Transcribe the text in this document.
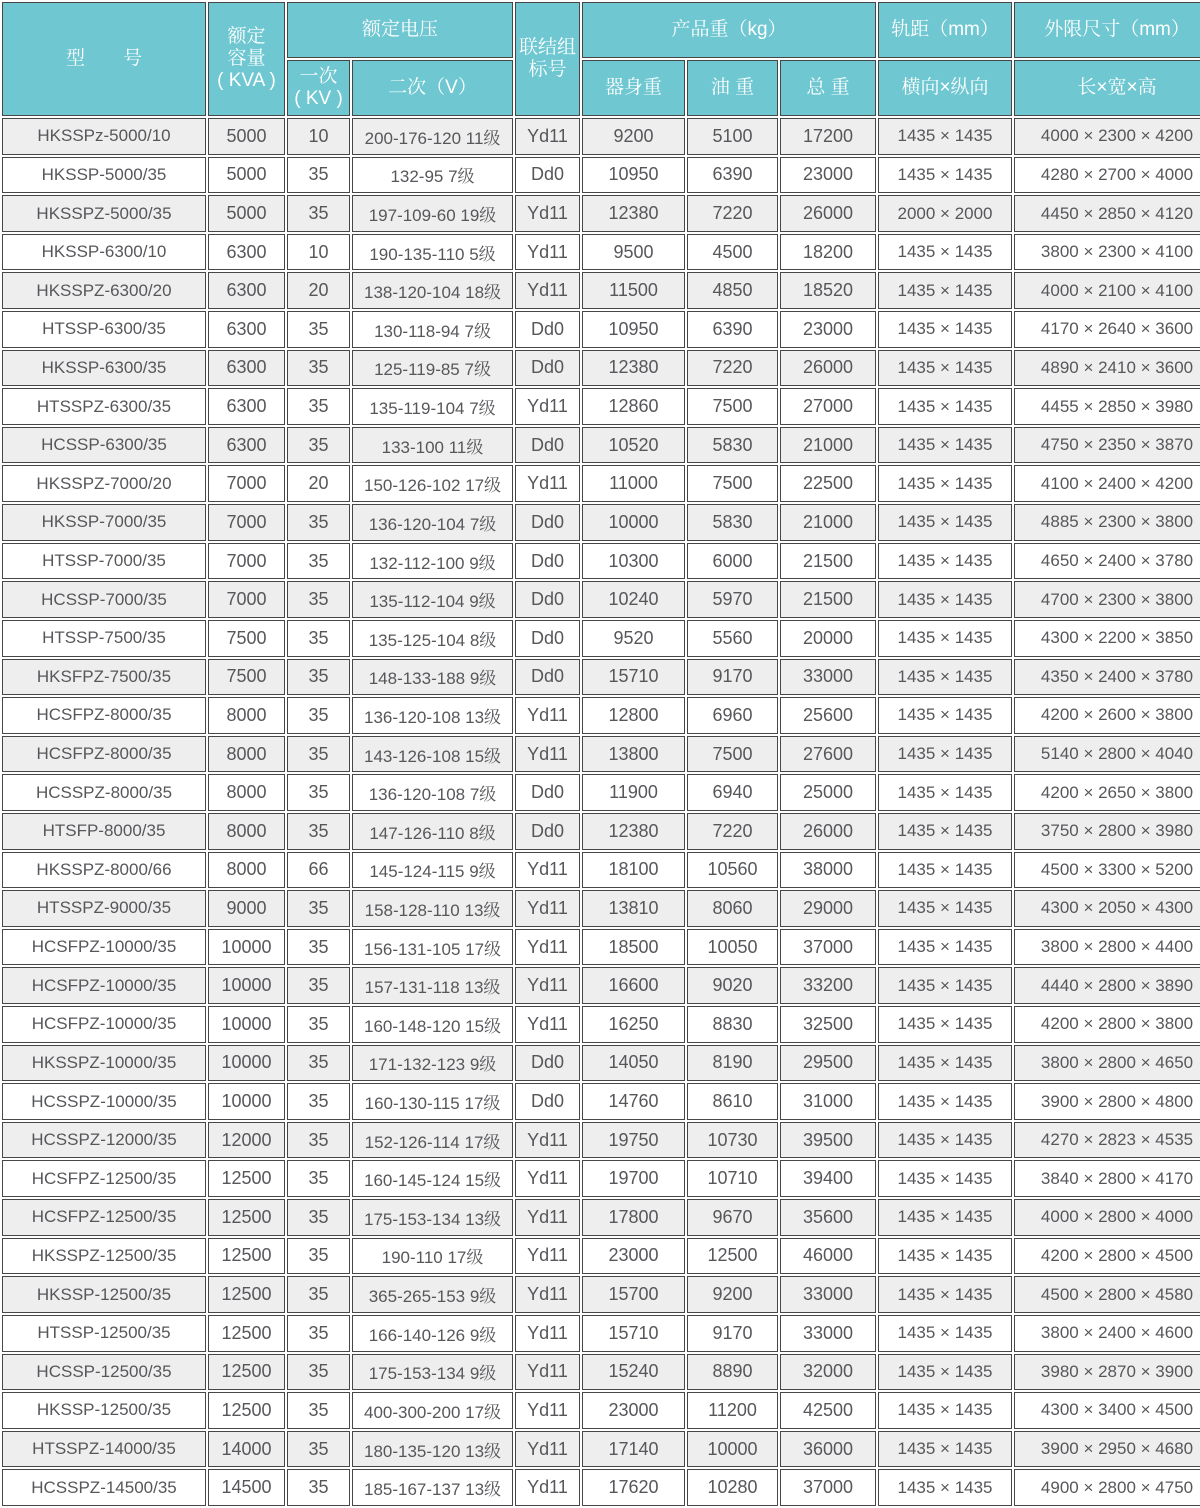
型　　号	额定
容量
( KVA )	额定电压		联结组
标号	产品重（kg）			轨距（mm）	外限尺寸（mm）

		一次
( KV )	二次（V）		器身重	油 重	总 重	横向×纵向	长×宽×高
HKSSPz-5000/10	5000	10	200-176-120 11级	Yd11	9200	5100	17200	1435 × 1435	4000 × 2300 × 4200
HKSSP-5000/35	5000	35	132-95 7级	Dd0	10950	6390	23000	1435 × 1435	4280 × 2700 × 4000
HKSSPZ-5000/35	5000	35	197-109-60 19级	Yd11	12380	7220	26000	2000 × 2000	4450 × 2850 × 4120
HKSSP-6300/10	6300	10	190-135-110 5级	Yd11	9500	4500	18200	1435 × 1435	3800 × 2300 × 4100
HKSSPZ-6300/20	6300	20	138-120-104 18级	Yd11	11500	4850	18520	1435 × 1435	4000 × 2100 × 4100
HTSSP-6300/35	6300	35	130-118-94 7级	Dd0	10950	6390	23000	1435 × 1435	4170 × 2640 × 3600
HKSSP-6300/35	6300	35	125-119-85 7级	Dd0	12380	7220	26000	1435 × 1435	4890 × 2410 × 3600
HTSSPZ-6300/35	6300	35	135-119-104 7级	Yd11	12860	7500	27000	1435 × 1435	4455 × 2850 × 3980
HCSSP-6300/35	6300	35	133-100 11级	Dd0	10520	5830	21000	1435 × 1435	4750 × 2350 × 3870
HKSSPZ-7000/20	7000	20	150-126-102 17级	Yd11	11000	7500	22500	1435 × 1435	4100 × 2400 × 4200
HKSSP-7000/35	7000	35	136-120-104 7级	Dd0	10000	5830	21000	1435 × 1435	4885 × 2300 × 3800
HTSSP-7000/35	7000	35	132-112-100 9级	Dd0	10300	6000	21500	1435 × 1435	4650 × 2400 × 3780
HCSSP-7000/35	7000	35	135-112-104 9级	Dd0	10240	5970	21500	1435 × 1435	4700 × 2300 × 3800
HTSSP-7500/35	7500	35	135-125-104 8级	Dd0	9520	5560	20000	1435 × 1435	4300 × 2200 × 3850
HKSFPZ-7500/35	7500	35	148-133-188 9级	Dd0	15710	9170	33000	1435 × 1435	4350 × 2400 × 3780
HCSFPZ-8000/35	8000	35	136-120-108 13级	Yd11	12800	6960	25600	1435 × 1435	4200 × 2600 × 3800
HCSFPZ-8000/35	8000	35	143-126-108 15级	Yd11	13800	7500	27600	1435 × 1435	5140 × 2800 × 4040
HCSSPZ-8000/35	8000	35	136-120-108 7级	Dd0	11900	6940	25000	1435 × 1435	4200 × 2650 × 3800
HTSFP-8000/35	8000	35	147-126-110 8级	Dd0	12380	7220	26000	1435 × 1435	3750 × 2800 × 3980
HKSSPZ-8000/66	8000	66	145-124-115 9级	Yd11	18100	10560	38000	1435 × 1435	4500 × 3300 × 5200
HTSSPZ-9000/35	9000	35	158-128-110 13级	Yd11	13810	8060	29000	1435 × 1435	4300 × 2050 × 4300
HCSFPZ-10000/35	10000	35	156-131-105 17级	Yd11	18500	10050	37000	1435 × 1435	3800 × 2800 × 4400
HCSFPZ-10000/35	10000	35	157-131-118 13级	Yd11	16600	9020	33200	1435 × 1435	4440 × 2800 × 3890
HCSFPZ-10000/35	10000	35	160-148-120 15级	Yd11	16250	8830	32500	1435 × 1435	4200 × 2800 × 3800
HKSSPZ-10000/35	10000	35	171-132-123 9级	Dd0	14050	8190	29500	1435 × 1435	3800 × 2800 × 4650
HCSSPZ-10000/35	10000	35	160-130-115 17级	Dd0	14760	8610	31000	1435 × 1435	3900 × 2800 × 4800
HCSSPZ-12000/35	12000	35	152-126-114 17级	Yd11	19750	10730	39500	1435 × 1435	4270 × 2823 × 4535
HCSFPZ-12500/35	12500	35	160-145-124 15级	Yd11	19700	10710	39400	1435 × 1435	3840 × 2800 × 4170
HCSFPZ-12500/35	12500	35	175-153-134 13级	Yd11	17800	9670	35600	1435 × 1435	4000 × 2800 × 4000
HKSSPZ-12500/35	12500	35	190-110 17级	Yd11	23000	12500	46000	1435 × 1435	4200 × 2800 × 4500
HKSSP-12500/35	12500	35	365-265-153 9级	Yd11	15700	9200	33000	1435 × 1435	4500 × 2800 × 4580
HTSSP-12500/35	12500	35	166-140-126 9级	Yd11	15710	9170	33000	1435 × 1435	3800 × 2400 × 4600
HCSSP-12500/35	12500	35	175-153-134 9级	Yd11	15240	8890	32000	1435 × 1435	3980 × 2870 × 3900
HKSSP-12500/35	12500	35	400-300-200 17级	Yd11	23000	11200	42500	1435 × 1435	4300 × 3400 × 4500
HTSSPZ-14000/35	14000	35	180-135-120 13级	Yd11	17140	10000	36000	1435 × 1435	3900 × 2950 × 4680
HCSSPZ-14500/35	14500	35	185-167-137 13级	Yd11	17620	10280	37000	1435 × 1435	4900 × 2800 × 4750
